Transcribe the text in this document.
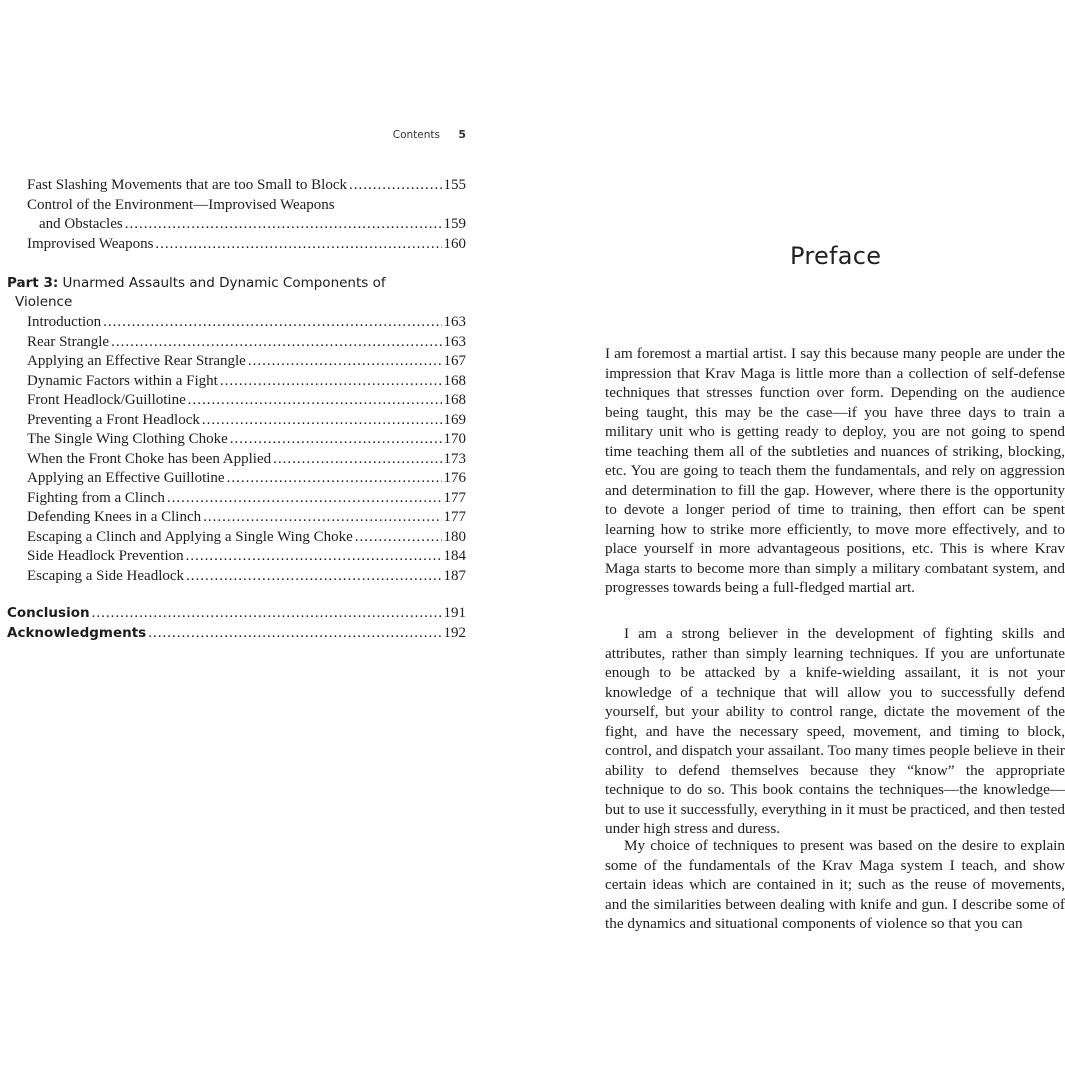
Contents 5
Fast Slashing Movements that are too Small to Block .....	155
Control of the Environment—Improvised Weapons
and Obstacles .....	159
Improvised Weapons .....	160
Part 3: Unarmed Assaults and Dynamic Components of
Violence
Introduction .....	163
Rear Strangle .....	163
Applying an Effective Rear Strangle .....	167
Dynamic Factors within a Fight .....	168
Front Headlock/Guillotine .....	168
Preventing a Front Headlock .....	169
The Single Wing Clothing Choke .....	170
When the Front Choke has been Applied .....	173
Applying an Effective Guillotine .....	176
Fighting from a Clinch .....	177
Defending Knees in a Clinch .....	177
Escaping a Clinch and Applying a Single Wing Choke .....	180
Side Headlock Prevention .....	184
Escaping a Side Headlock .....	187
Conclusion .....	191
Acknowledgments .....	192
Preface

I am foremost a martial artist. I say this because many people are under the impression that Krav Maga is little more than a collection of self-defense techniques that stresses function over form. Depending on the audience being taught, this may be the case—if you have three days to train a military unit who is getting ready to deploy, you are not going to spend time teaching them all of the subtleties and nuances of striking, blocking, etc. You are going to teach them the fundamentals, and rely on aggression and determination to fill the gap. However, where there is the opportunity to devote a longer period of time to training, then effort can be spent learning how to strike more efficiently, to move more effectively, and to place yourself in more advantageous positions, etc. This is where Krav Maga starts to become more than simply a military combatant system, and progresses towards being a full-fledged martial art.

I am a strong believer in the development of fighting skills and attributes, rather than simply learning techniques. If you are unfortunate enough to be attacked by a knife-wielding assailant, it is not your knowledge of a technique that will allow you to successfully defend yourself, but your ability to control range, dictate the movement of the fight, and have the necessary speed, movement, and timing to block, control, and dispatch your assailant. Too many times people believe in their ability to defend themselves because they “know” the appropriate technique to do so. This book contains the techniques—the knowledge—but to use it successfully, everything in it must be practiced, and then tested under high stress and duress.

My choice of techniques to present was based on the desire to explain some of the fundamentals of the Krav Maga system I teach, and show certain ideas which are contained in it; such as the reuse of movements, and the similarities between dealing with knife and gun. I describe some of the dynamics and situational components of violence so that you can
